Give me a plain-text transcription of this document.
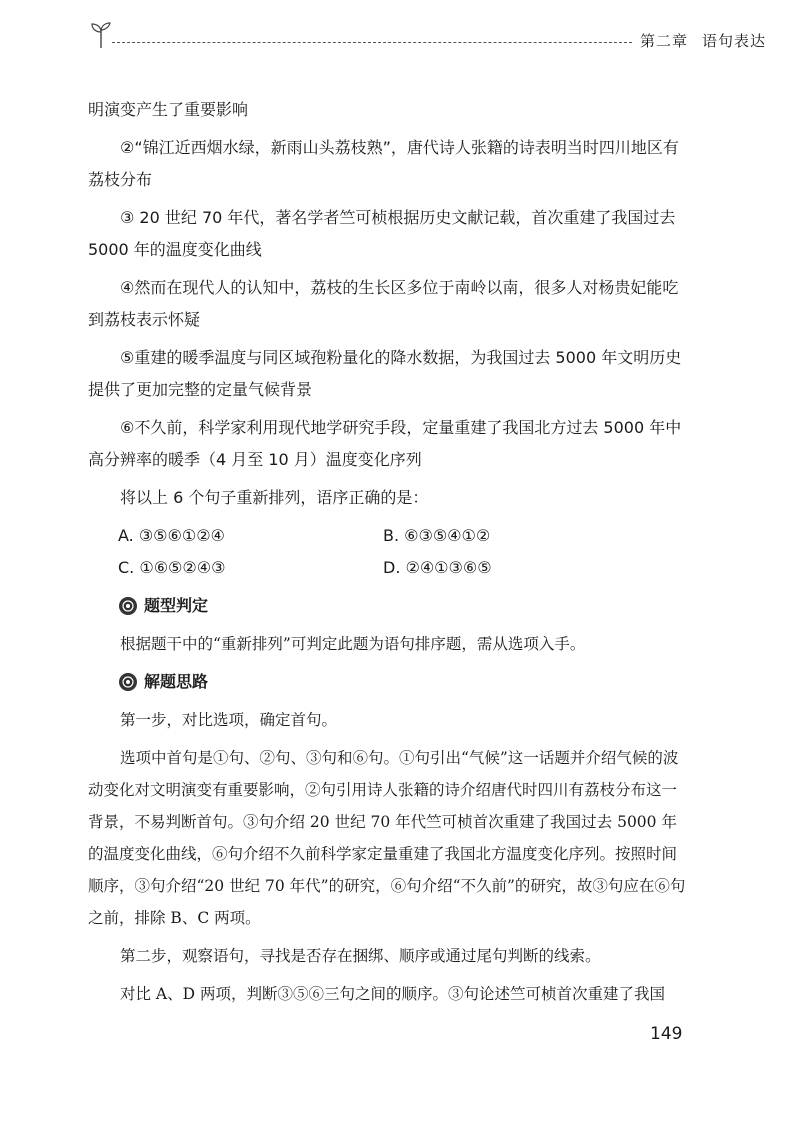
第二章 语句表达

明演变产生了重要影响

②“锦江近西烟水绿，新雨山头荔枝熟”，唐代诗人张籍的诗表明当时四川地区有荔枝分布

③ 20 世纪 70 年代，著名学者竺可桢根据历史文献记载，首次重建了我国过去 5000 年的温度变化曲线

④然而在现代人的认知中，荔枝的生长区多位于南岭以南，很多人对杨贵妃能吃到荔枝表示怀疑

⑤重建的暖季温度与同区域孢粉量化的降水数据，为我国过去 5000 年文明历史提供了更加完整的定量气候背景

⑥不久前，科学家利用现代地学研究手段，定量重建了我国北方过去 5000 年中高分辨率的暖季（4 月至 10 月）温度变化序列

将以上 6 个句子重新排列，语序正确的是：

A. ③⑤⑥①②④	B. ⑥③⑤④①②
C. ①⑥⑤②④③	D. ②④①③⑥⑤
题型判定

根据题干中的“重新排列”可判定此题为语句排序题，需从选项入手。

解题思路

第一步，对比选项，确定首句。

选项中首句是①句、②句、③句和⑥句。①句引出“气候”这一话题并介绍气候的波动变化对文明演变有重要影响，②句引用诗人张籍的诗介绍唐代时四川有荔枝分布这一背景，不易判断首句。③句介绍 20 世纪 70 年代竺可桢首次重建了我国过去 5000 年的温度变化曲线，⑥句介绍不久前科学家定量重建了我国北方温度变化序列。按照时间顺序，③句介绍“20 世纪 70 年代”的研究，⑥句介绍“不久前”的研究，故③句应在⑥句之前，排除 B、C 两项。

第二步，观察语句，寻找是否存在捆绑、顺序或通过尾句判断的线索。

对比 A、D 两项，判断③⑤⑥三句之间的顺序。③句论述竺可桢首次重建了我国

149
